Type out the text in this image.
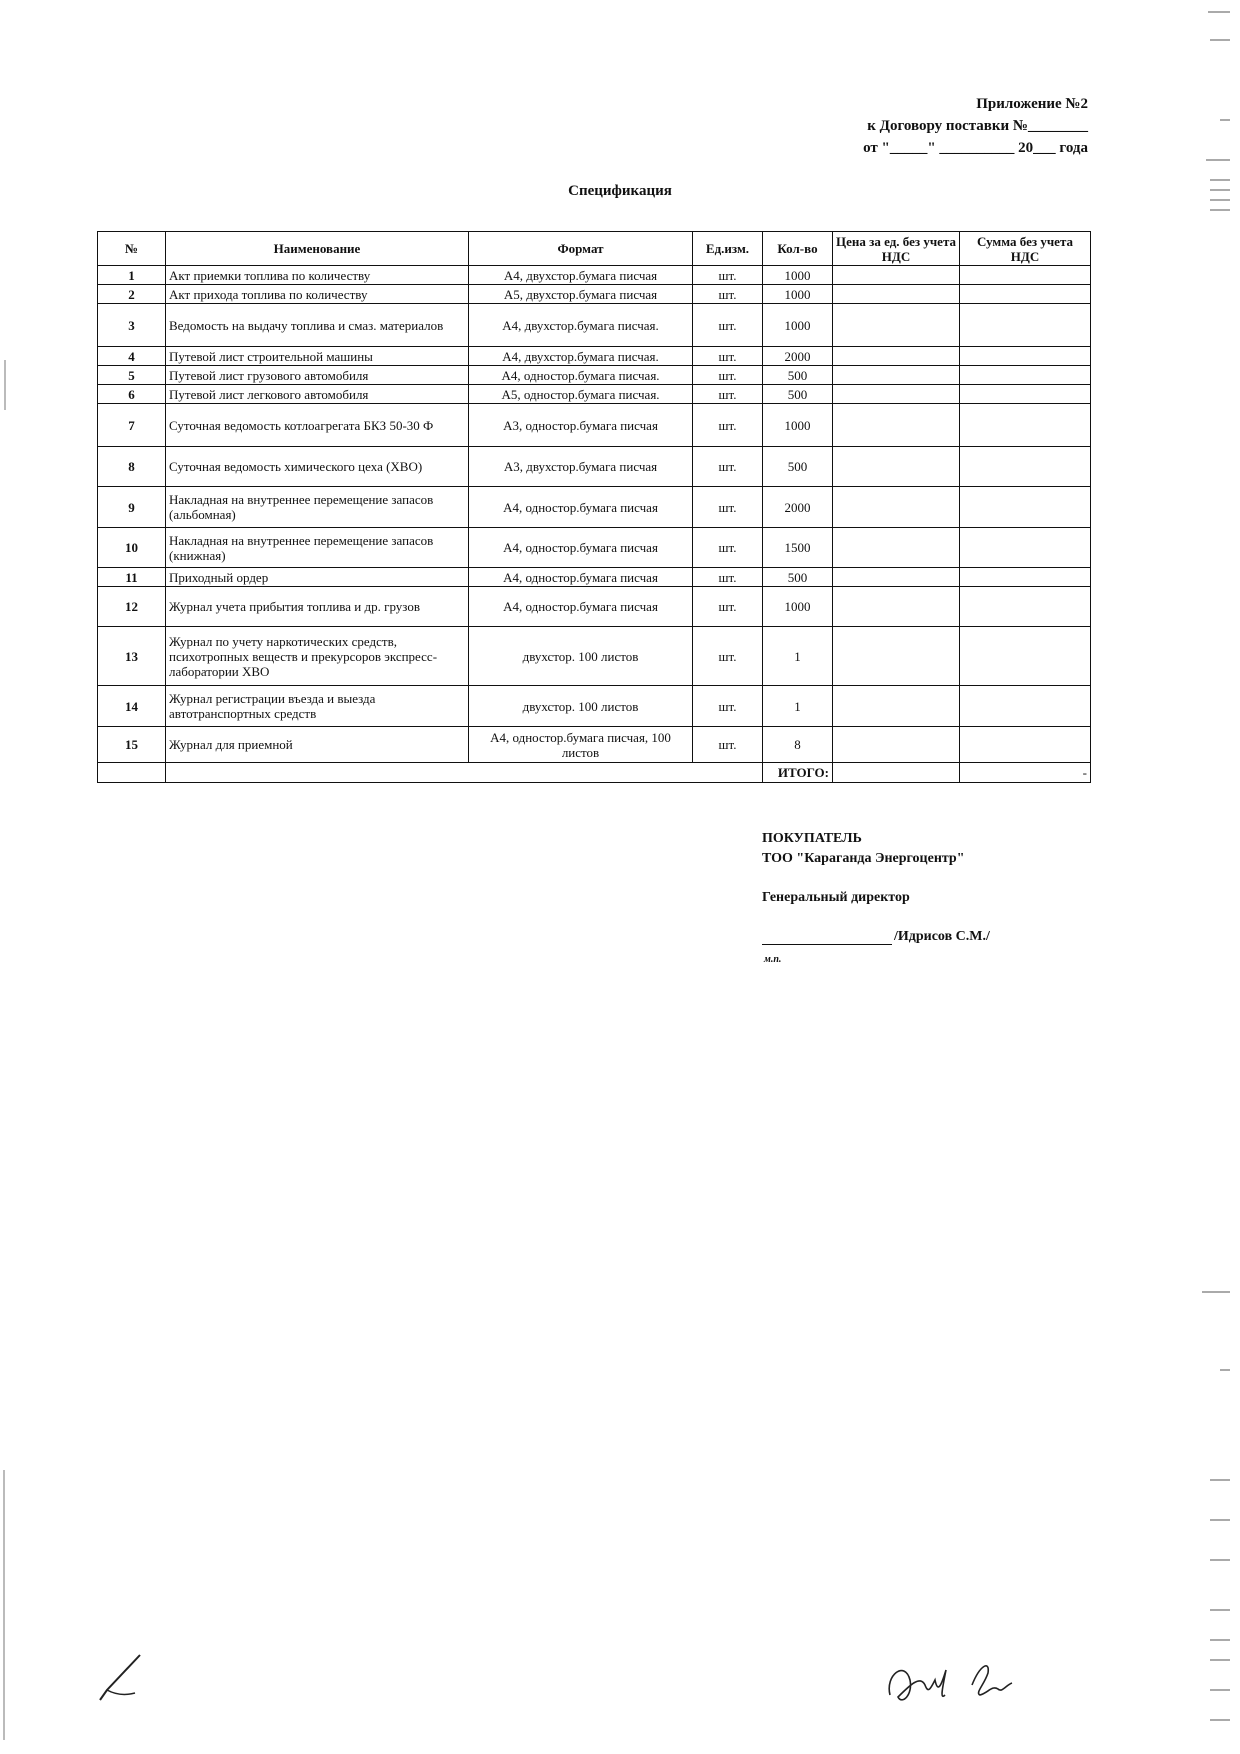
Приложение №2
к Договору поставки №________
от "_____" __________ 20___ года
Спецификация
№	Наименование	Формат	Ед.изм.	Кол-во	Цена за ед. без учета НДС	Сумма без учета НДС
1	Акт приемки топлива по количеству	А4, двухстор.бумага писчая	шт.	1000		
2	Акт прихода топлива по количеству	А5, двухстор.бумага писчая	шт.	1000		
3	Ведомость на выдачу топлива и смаз. материалов	А4, двухстор.бумага писчая.	шт.	1000		
4	Путевой лист строительной машины	А4, двухстор.бумага писчая.	шт.	2000		
5	Путевой лист грузового автомобиля	А4, одностор.бумага писчая.	шт.	500		
6	Путевой лист легкового автомобиля	А5, одностор.бумага писчая.	шт.	500		
7	Суточная ведомость котлоагрегата БКЗ 50-30 Ф	А3, одностор.бумага писчая	шт.	1000		
8	Суточная ведомость химического цеха (ХВО)	А3, двухстор.бумага писчая	шт.	500		
9	Накладная на внутреннее перемещение запасов (альбомная)	А4, одностор.бумага писчая	шт.	2000		
10	Накладная на внутреннее перемещение запасов (книжная)	А4, одностор.бумага писчая	шт.	1500		
11	Приходный ордер	А4, одностор.бумага писчая	шт.	500		
12	Журнал учета прибытия топлива и др. грузов	А4, одностор.бумага писчая	шт.	1000		
13	Журнал по учету наркотических средств, психотропных веществ и прекурсоров экспресс-лаборатории ХВО	двухстор. 100 листов	шт.	1		
14	Журнал регистрации въезда и выезда автотранспортных средств	двухстор. 100 листов	шт.	1		
15	Журнал для приемной	А4, одностор.бумага писчая, 100 листов	шт.	8		
				ИТОГО:		-
ПОКУПАТЕЛЬ
ТОО "Караганда Энергоцентр"
Генеральный директор
/Идрисов С.М./
м.п.
